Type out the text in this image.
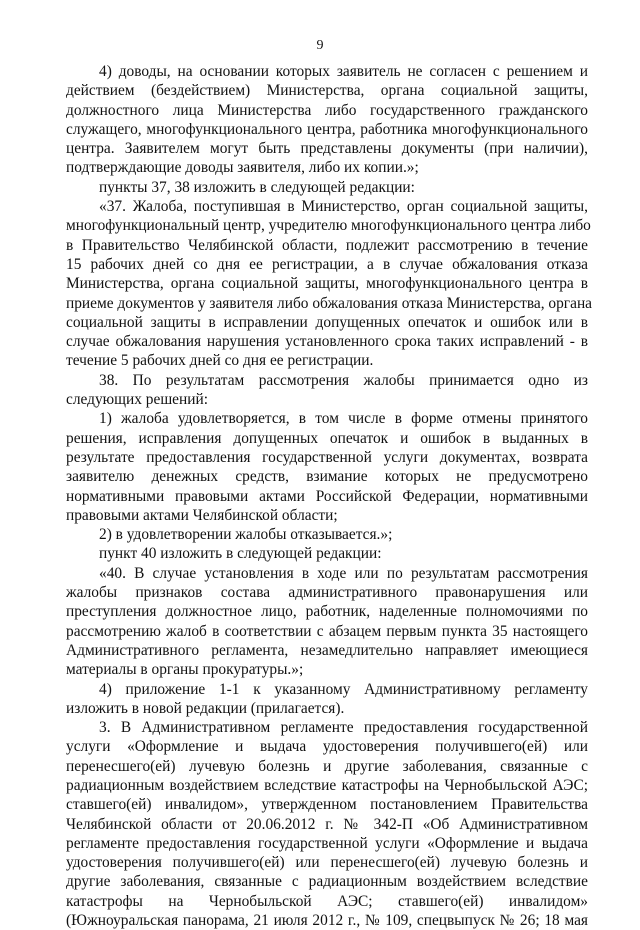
9
4) доводы, на основании которых заявитель не согласен с решением и
действием (бездействием) Министерства, органа социальной защиты,
должностного лица Министерства либо государственного гражданского
служащего, многофункционального центра, работника многофункционального
центра. Заявителем могут быть представлены документы (при наличии),
подтверждающие доводы заявителя, либо их копии.»;
пункты 37, 38 изложить в следующей редакции:
«37. Жалоба, поступившая в Министерство, орган социальной защиты,
многофункциональный центр, учредителю многофункционального центра либо
в Правительство Челябинской области, подлежит рассмотрению в течение
15 рабочих дней со дня ее регистрации, а в случае обжалования отказа
Министерства, органа социальной защиты, многофункционального центра в
приеме документов у заявителя либо обжалования отказа Министерства, органа
социальной защиты в исправлении допущенных опечаток и ошибок или в
случае обжалования нарушения установленного срока таких исправлений - в
течение 5 рабочих дней со дня ее регистрации.
38. По результатам рассмотрения жалобы принимается одно из
следующих решений:
1) жалоба удовлетворяется, в том числе в форме отмены принятого
решения, исправления допущенных опечаток и ошибок в выданных в
результате предоставления государственной услуги документах, возврата
заявителю денежных средств, взимание которых не предусмотрено
нормативными правовыми актами Российской Федерации, нормативными
правовыми актами Челябинской области;
2) в удовлетворении жалобы отказывается.»;
пункт 40 изложить в следующей редакции:
«40. В случае установления в ходе или по результатам рассмотрения
жалобы признаков состава административного правонарушения или
преступления должностное лицо, работник, наделенные полномочиями по
рассмотрению жалоб в соответствии с абзацем первым пункта 35 настоящего
Административного регламента, незамедлительно направляет имеющиеся
материалы в органы прокуратуры.»;
4) приложение 1-1 к указанному Административному регламенту
изложить в новой редакции (прилагается).
3. В Административном регламенте предоставления государственной
услуги «Оформление и выдача удостоверения получившего(ей) или
перенесшего(ей) лучевую болезнь и другие заболевания, связанные с
радиационным воздействием вследствие катастрофы на Чернобыльской АЭС;
ставшего(ей) инвалидом», утвержденном постановлением Правительства
Челябинской области от 20.06.2012 г. № 342-П «Об Административном
регламенте предоставления государственной услуги «Оформление и выдача
удостоверения получившего(ей) или перенесшего(ей) лучевую болезнь и
другие заболевания, связанные с радиационным воздействием вследствие
катастрофы на Чернобыльской АЭС; ставшего(ей) инвалидом»
(Южноуральская панорама, 21 июля 2012 г., № 109, спецвыпуск № 26; 18 мая
